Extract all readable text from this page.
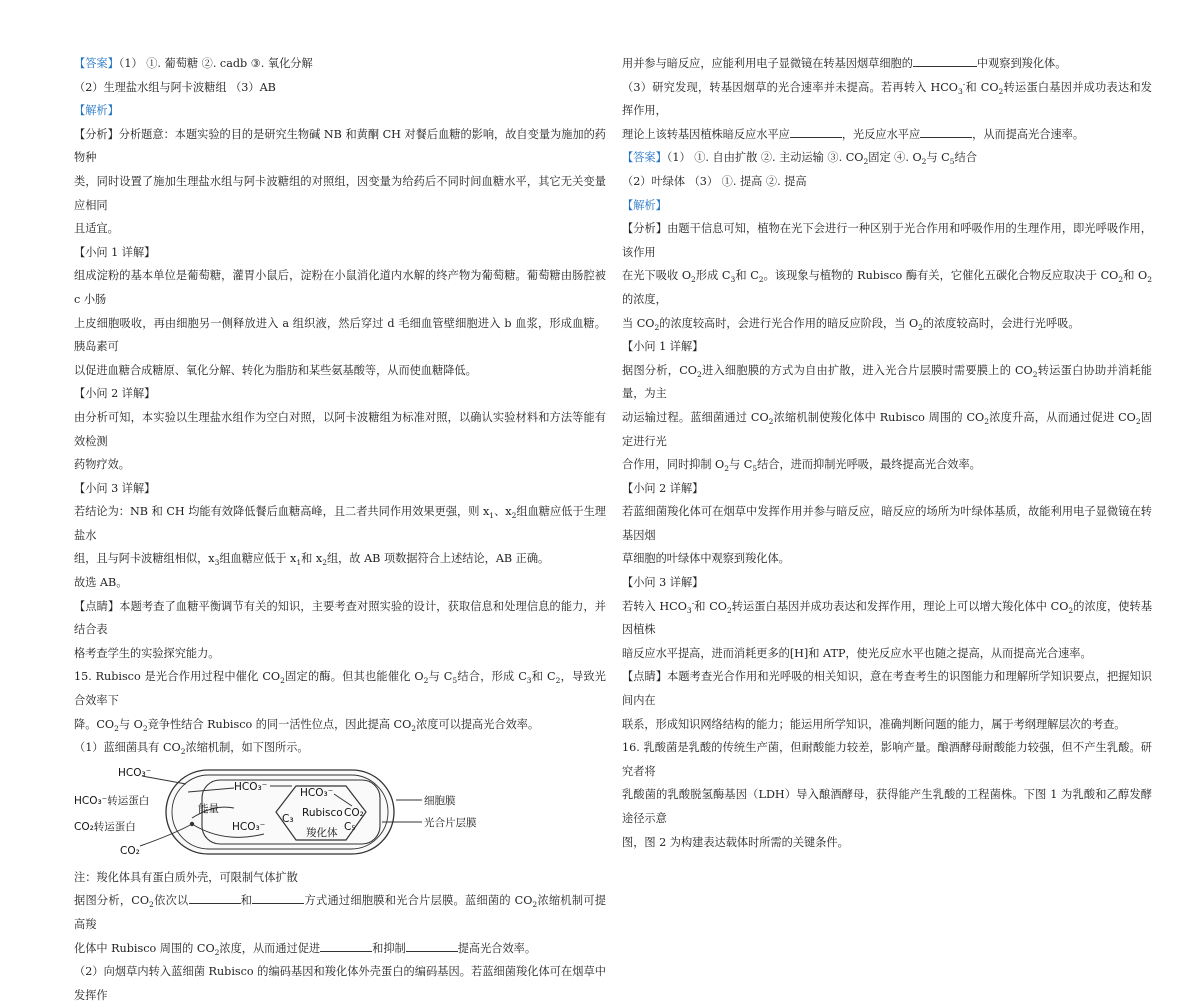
【答案】（1） ①. 葡萄糖 ②. cadb ③. 氧化分解

（2）生理盐水组与阿卡波糖组 （3）AB

【解析】

【分析】分析题意：本题实验的目的是研究生物碱 NB 和黄酮 CH 对餐后血糖的影响，故自变量为施加的药物种
类，同时设置了施加生理盐水组与阿卡波糖组的对照组，因变量为给药后不同时间血糖水平，其它无关变量应相同
且适宜。

【小问 1 详解】

组成淀粉的基本单位是葡萄糖，灌胃小鼠后，淀粉在小鼠消化道内水解的终产物为葡萄糖。葡萄糖由肠腔被 c 小肠
上皮细胞吸收，再由细胞另一侧释放进入 a 组织液，然后穿过 d 毛细血管壁细胞进入 b 血浆，形成血糖。胰岛素可
以促进血糖合成糖原、氧化分解、转化为脂肪和某些氨基酸等，从而使血糖降低。

【小问 2 详解】

由分析可知，本实验以生理盐水组作为空白对照，以阿卡波糖组为标准对照，以确认实验材料和方法等能有效检测
药物疗效。

【小问 3 详解】

若结论为：NB 和 CH 均能有效降低餐后血糖高峰，且二者共同作用效果更强，则 $x_1$、$x_2$组血糖应低于生理盐水
组，且与阿卡波糖组相似，$x_3$组血糖应低于 $x_1$和 $x_2$组，故 AB 项数据符合上述结论，AB 正确。

故选 AB。

【点睛】本题考查了血糖平衡调节有关的知识，主要考查对照实验的设计，获取信息和处理信息的能力，并结合表
格考查学生的实验探究能力。

15. Rubisco 是光合作用过程中催化 $CO_2$固定的酶。但其也能催化 $O_2$与 $C_5$结合，形成 $C_3$和 $C_2$，导致光合效率下
降。$CO_2$与 $O_2$竞争性结合 Rubisco 的同一活性位点，因此提高 $CO_2$浓度可以提高光合效率。

（1）蓝细菌具有 $CO_2$浓缩机制，如下图所示。

HCO₃⁻
HCO₃⁻转运蛋白
CO₂转运蛋白
CO₂
能量
HCO₃⁻
HCO₃⁻
HCO₃⁻
Rubisco
C₃	CO₂
C₅
羧化体
细胞膜
光合片层膜

注：羧化体具有蛋白质外壳，可限制气体扩散

据图分析，$CO_2$依次以	和	方式通过细胞膜和光合片层膜。蓝细菌的 $CO_2$浓缩机制可提高羧
化体中 Rubisco 周围的 $CO_2$浓度，从而通过促进	和抑制	提高光合效率。

（2）向烟草内转入蓝细菌 Rubisco 的编码基因和羧化体外壳蛋白的编码基因。若蓝细菌羧化体可在烟草中发挥作

用并参与暗反应，应能利用电子显微镜在转基因烟草细胞的	中观察到羧化体。

（3）研究发现，转基因烟草的光合速率并未提高。若再转入 $HCO_3^-$和 $CO_2$转运蛋白基因并成功表达和发挥作用，
理论上该转基因植株暗反应水平应	，光反应水平应	，从而提高光合速率。

【答案】（1） ①. 自由扩散 ②. 主动运输 ③. $CO_2$固定 ④. $O_2$与 $C_5$结合

（2）叶绿体 （3） ①. 提高 ②. 提高

【解析】

【分析】由题干信息可知，植物在光下会进行一种区别于光合作用和呼吸作用的生理作用，即光呼吸作用，该作用
在光下吸收 $O_2$形成 $C_3$和 $C_2$。该现象与植物的 Rubisco 酶有关，它催化五碳化合物反应取决于 $CO_2$和 $O_2$的浓度，
当 $CO_2$的浓度较高时，会进行光合作用的暗反应阶段，当 $O_2$的浓度较高时，会进行光呼吸。

【小问 1 详解】

据图分析，$CO_2$进入细胞膜的方式为自由扩散，进入光合片层膜时需要膜上的 $CO_2$转运蛋白协助并消耗能量，为主
动运输过程。蓝细菌通过 $CO_2$浓缩机制使羧化体中 Rubisco 周围的 $CO_2$浓度升高，从而通过促进 $CO_2$固定进行光
合作用，同时抑制 $O_2$与 $C_5$结合，进而抑制光呼吸，最终提高光合效率。

【小问 2 详解】

若蓝细菌羧化体可在烟草中发挥作用并参与暗反应，暗反应的场所为叶绿体基质，故能利用电子显微镜在转基因烟
草细胞的叶绿体中观察到羧化体。

【小问 3 详解】

若转入 $HCO_3^-$和 $CO_2$转运蛋白基因并成功表达和发挥作用，理论上可以增大羧化体中 $CO_2$的浓度，使转基因植株
暗反应水平提高，进而消耗更多的[H]和 ATP，使光反应水平也随之提高，从而提高光合速率。

【点睛】本题考查光合作用和光呼吸的相关知识，意在考查考生的识图能力和理解所学知识要点，把握知识间内在
联系，形成知识网络结构的能力；能运用所学知识，准确判断问题的能力，属于考纲理解层次的考查。

16. 乳酸菌是乳酸的传统生产菌，但耐酸能力较差，影响产量。酿酒酵母耐酸能力较强，但不产生乳酸。研究者将
乳酸菌的乳酸脱氢酶基因（LDH）导入酿酒酵母，获得能产生乳酸的工程菌株。下图 1 为乳酸和乙醇发酵途径示意
图，图 2 为构建表达载体时所需的关键条件。
